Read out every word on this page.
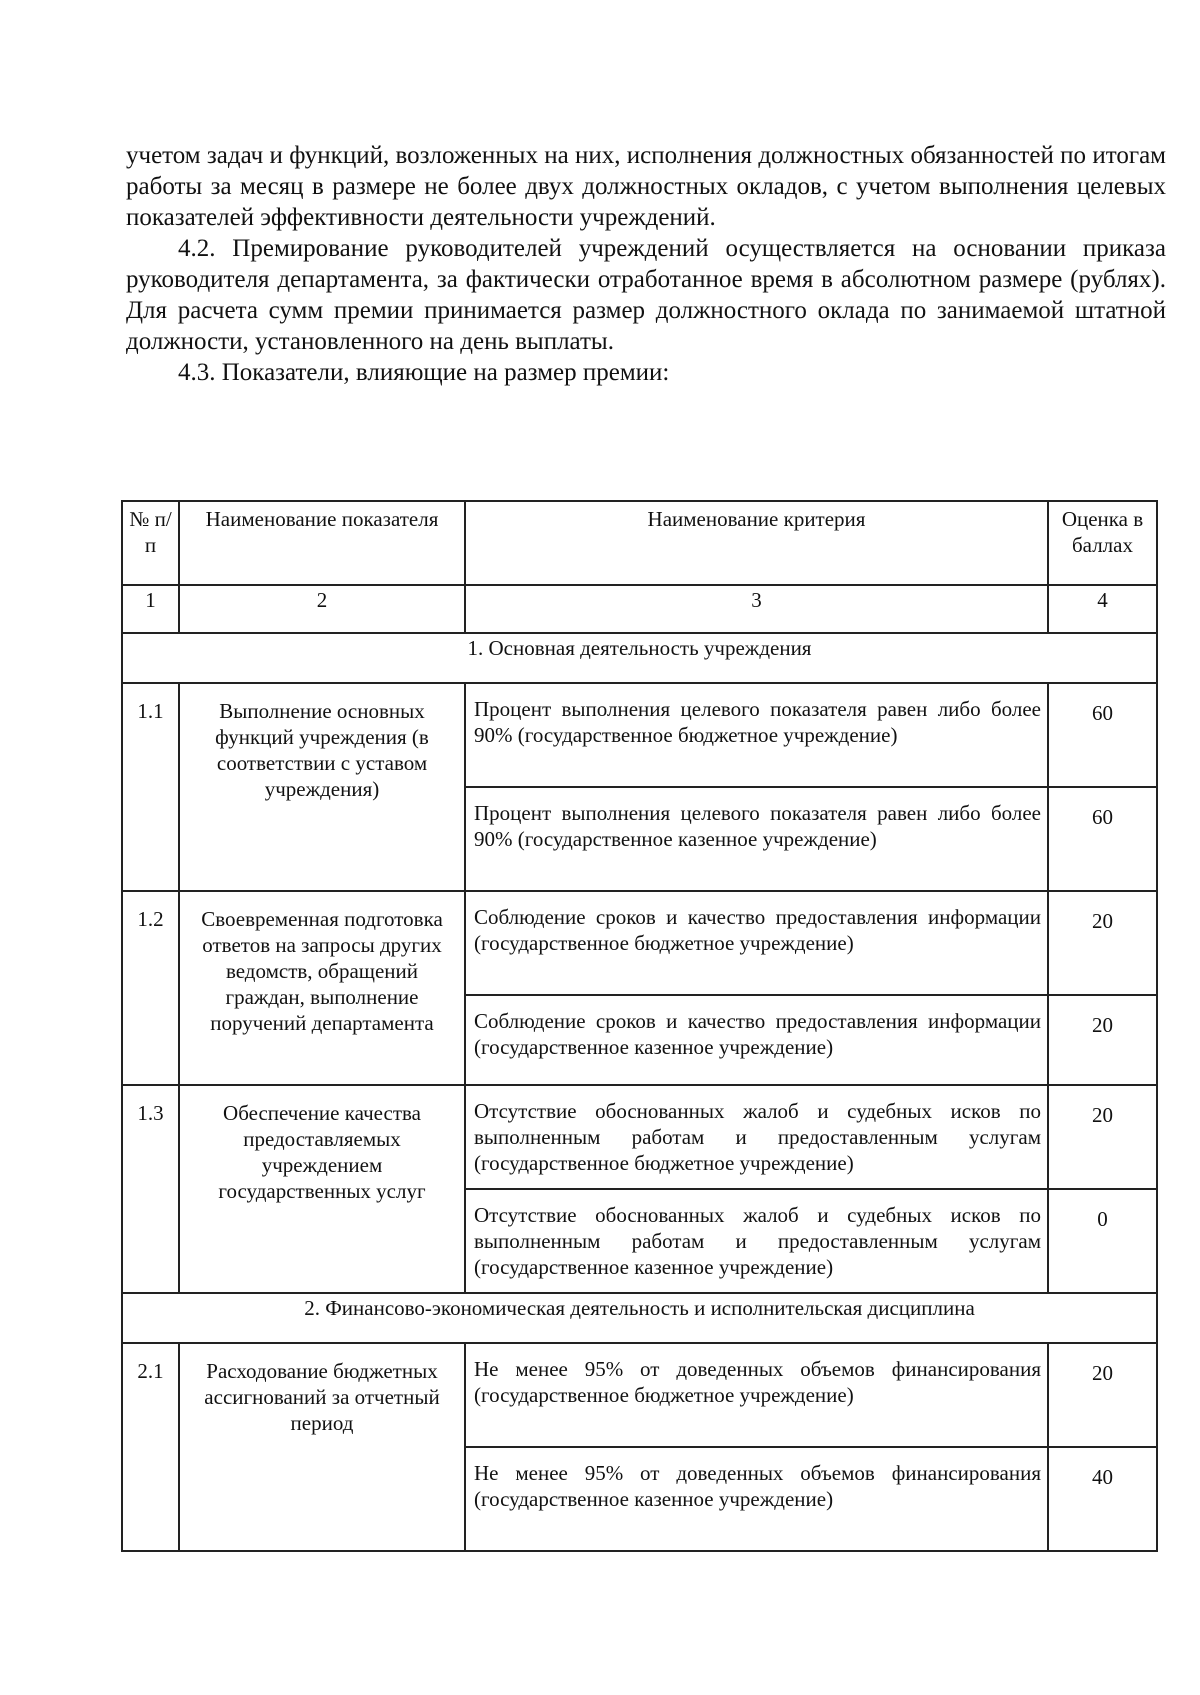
учетом задач и функций, возложенных на них, исполнения должностных обязанностей по итогам работы за месяц в размере не более двух должностных окладов, с учетом выполнения целевых показателей эффективности деятельности учреждений.

4.2. Премирование руководителей учреждений осуществляется на основании приказа руководителя департамента, за фактически отработанное время в абсолютном размере (рублях). Для расчета сумм премии принимается размер должностного оклада по занимаемой штатной должности, установленного на день выплаты.

4.3. Показатели, влияющие на размер премии:

№ п/п	Наименование показателя	Наименование критерия	Оценка в баллах
1	2	3	4
1. Основная деятельность учреждения			
1.1	Выполнение основных функций учреждения (в соответствии с уставом учреждения)	Процент выполнения целевого показателя равен либо более 90% (государственное бюджетное учреждение)	60
		Процент выполнения целевого показателя равен либо более 90% (государственное казенное учреждение)	60
1.2	Своевременная подготовка ответов на запросы других ведомств, обращений граждан, выполнение поручений департамента	Соблюдение сроков и качество предоставления информации (государственное бюджетное учреждение)	20
		Соблюдение сроков и качество предоставления информации (государственное казенное учреждение)	20
1.3	Обеспечение качества предоставляемых учреждением государственных услуг	Отсутствие обоснованных жалоб и судебных исков по выполненным работам и предоставленным услугам (государственное бюджетное учреждение)	20
		Отсутствие обоснованных жалоб и судебных исков по выполненным работам и предоставленным услугам (государственное казенное учреждение)	0
2. Финансово-экономическая деятельность и исполнительская дисциплина			
2.1	Расходование бюджетных ассигнований за отчетный период	Не менее 95% от доведенных объемов финансирования (государственное бюджетное учреждение)	20
		Не менее 95% от доведенных объемов финансирования (государственное казенное учреждение)	40
